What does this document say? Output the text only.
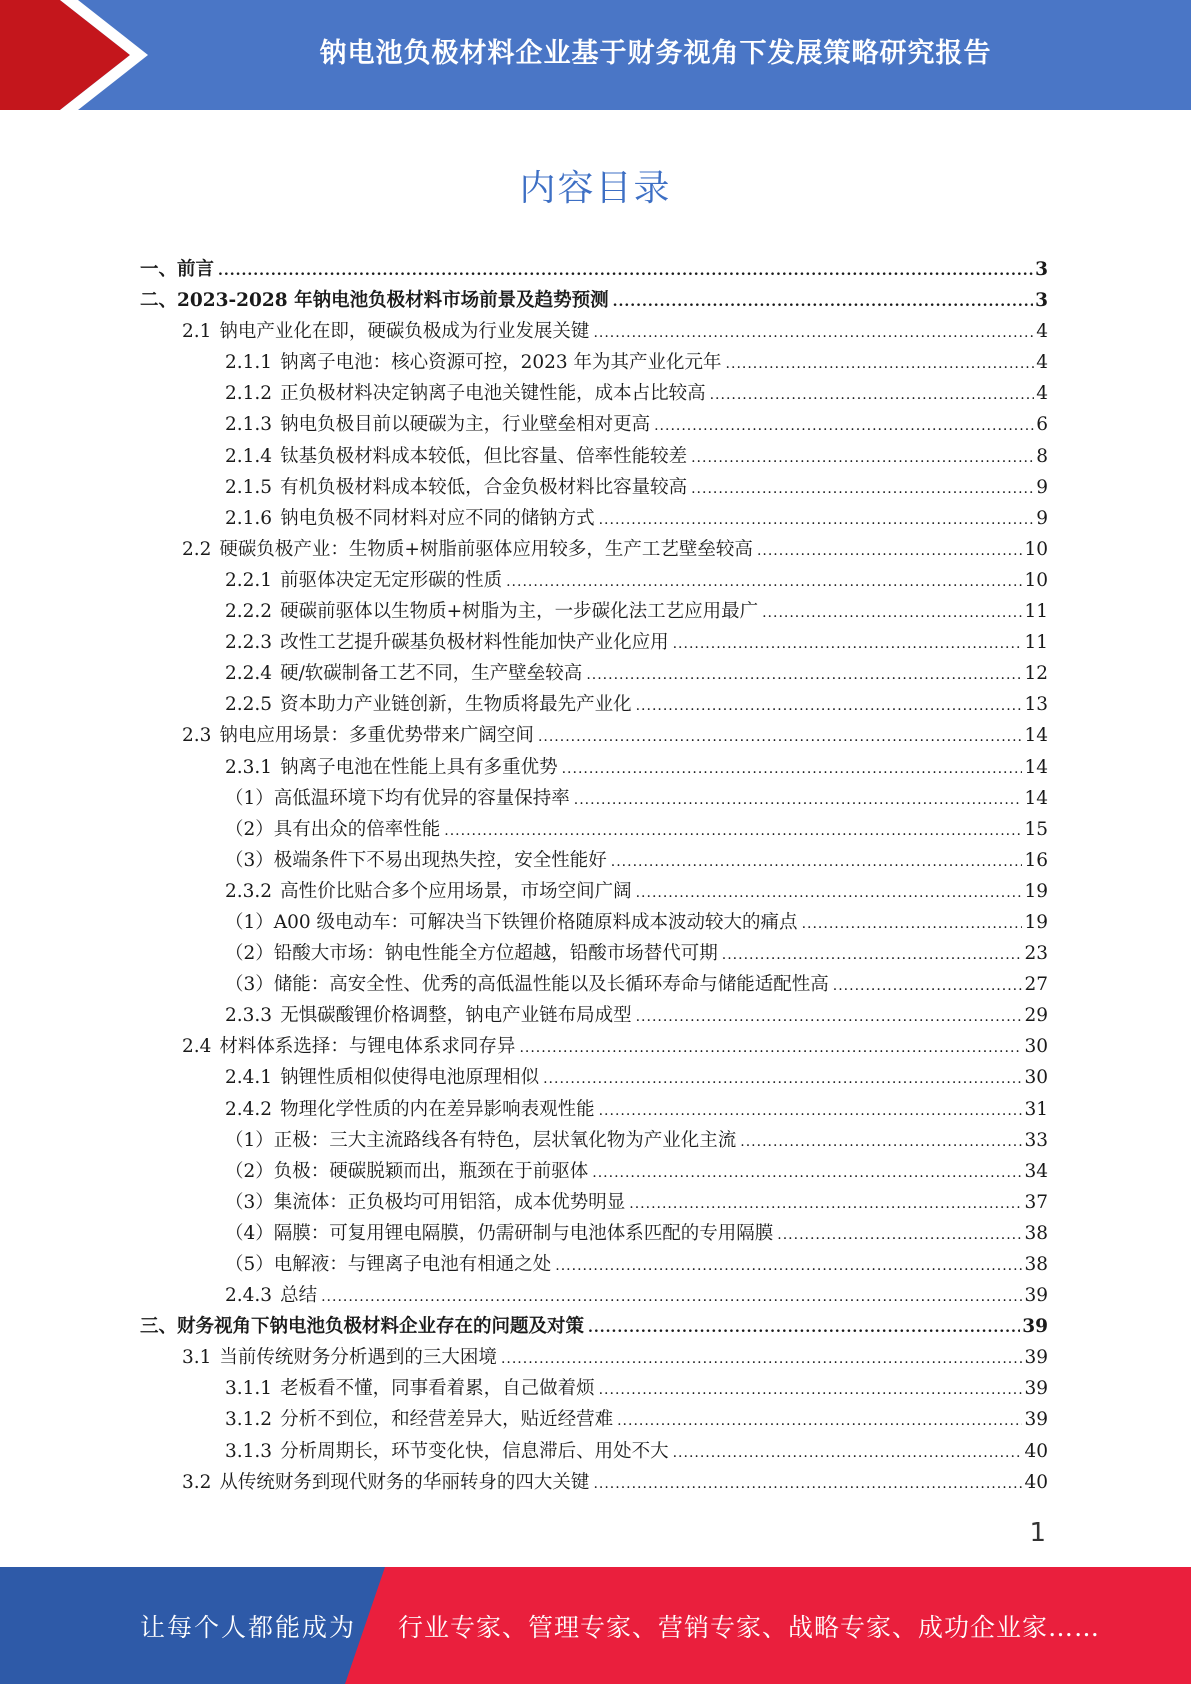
钠电池负极材料企业基于财务视角下发展策略研究报告
内容目录
一、前言 .....	3
二、2023-2028 年钠电池负极材料市场前景及趋势预测 .....	3
2.1 钠电产业化在即，硬碳负极成为行业发展关键 .....	4
2.1.1 钠离子电池：核心资源可控，2023 年为其产业化元年 .....	4
2.1.2 正负极材料决定钠离子电池关键性能，成本占比较高 .....	4
2.1.3 钠电负极目前以硬碳为主，行业壁垒相对更高 .....	6
2.1.4 钛基负极材料成本较低，但比容量、倍率性能较差 .....	8
2.1.5 有机负极材料成本较低，合金负极材料比容量较高 .....	9
2.1.6 钠电负极不同材料对应不同的储钠方式 .....	9
2.2 硬碳负极产业：生物质+树脂前驱体应用较多，生产工艺壁垒较高 .....	10
2.2.1 前驱体决定无定形碳的性质 .....	10
2.2.2 硬碳前驱体以生物质+树脂为主，一步碳化法工艺应用最广 .....	11
2.2.3 改性工艺提升碳基负极材料性能加快产业化应用 .....	11
2.2.4 硬/软碳制备工艺不同，生产壁垒较高 .....	12
2.2.5 资本助力产业链创新，生物质将最先产业化 .....	13
2.3 钠电应用场景：多重优势带来广阔空间 .....	14
2.3.1 钠离子电池在性能上具有多重优势 .....	14
（1）高低温环境下均有优异的容量保持率 .....	14
（2）具有出众的倍率性能 .....	15
（3）极端条件下不易出现热失控，安全性能好 .....	16
2.3.2 高性价比贴合多个应用场景，市场空间广阔 .....	19
（1）A00 级电动车：可解决当下铁锂价格随原料成本波动较大的痛点 .....	19
（2）铅酸大市场：钠电性能全方位超越，铅酸市场替代可期 .....	23
（3）储能：高安全性、优秀的高低温性能以及长循环寿命与储能适配性高 .....	27
2.3.3 无惧碳酸锂价格调整，钠电产业链布局成型 .....	29
2.4 材料体系选择：与锂电体系求同存异 .....	30
2.4.1 钠锂性质相似使得电池原理相似 .....	30
2.4.2 物理化学性质的内在差异影响表观性能 .....	31
（1）正极：三大主流路线各有特色，层状氧化物为产业化主流 .....	33
（2）负极：硬碳脱颖而出，瓶颈在于前驱体 .....	34
（3）集流体：正负极均可用铝箔，成本优势明显 .....	37
（4）隔膜：可复用锂电隔膜，仍需研制与电池体系匹配的专用隔膜 .....	38
（5）电解液：与锂离子电池有相通之处 .....	38
2.4.3 总结 .....	39
三、财务视角下钠电池负极材料企业存在的问题及对策 .....	39
3.1 当前传统财务分析遇到的三大困境 .....	39
3.1.1 老板看不懂，同事看着累，自己做着烦 .....	39
3.1.2 分析不到位，和经营差异大，贴近经营难 .....	39
3.1.3 分析周期长，环节变化快，信息滞后、用处不大 .....	40
3.2 从传统财务到现代财务的华丽转身的四大关键 .....	40
1
让每个人都能成为 行业专家、管理专家、营销专家、战略专家、成功企业家……
